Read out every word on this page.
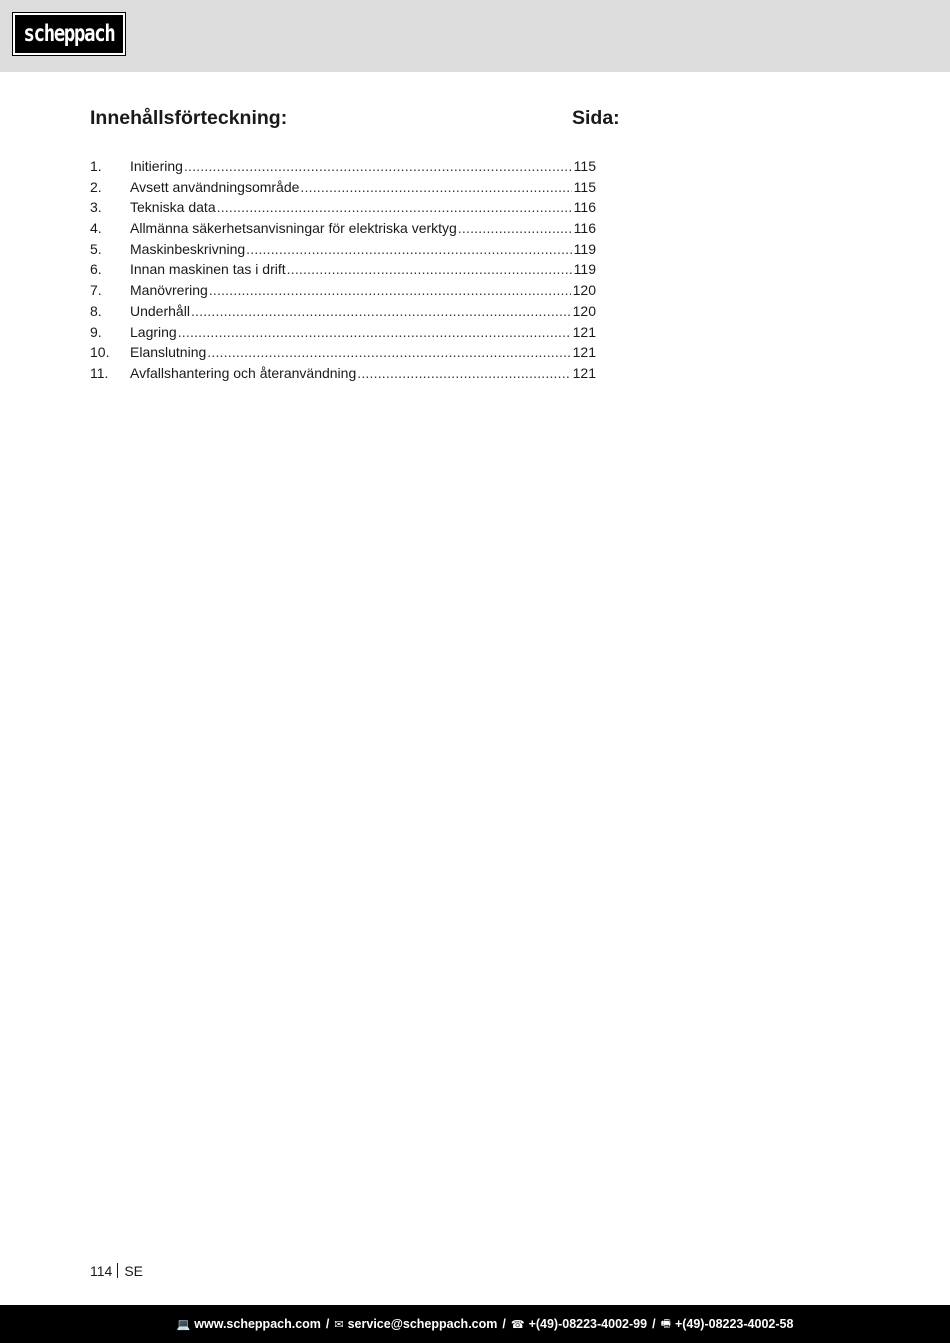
scheppach
Innehållsförteckning:	Sida:
1.	Initiering .....	115
2.	Avsett användningsområde .....	115
3.	Tekniska data .....	116
4.	Allmänna säkerhetsanvisningar för elektriska verktyg .....	116
5.	Maskinbeskrivning .....	119
6.	Innan maskinen tas i drift .....	119
7.	Manövrering .....	120
8.	Underhåll .....	120
9.	Lagring .....	121
10.	Elanslutning .....	121
11.	Avfallshantering och återanvändning .....	121
114 SE
💻 www.scheppach.com / ✉ service@scheppach.com / ☎ +(49)-08223-4002-99 / 🖷 +(49)-08223-4002-58
